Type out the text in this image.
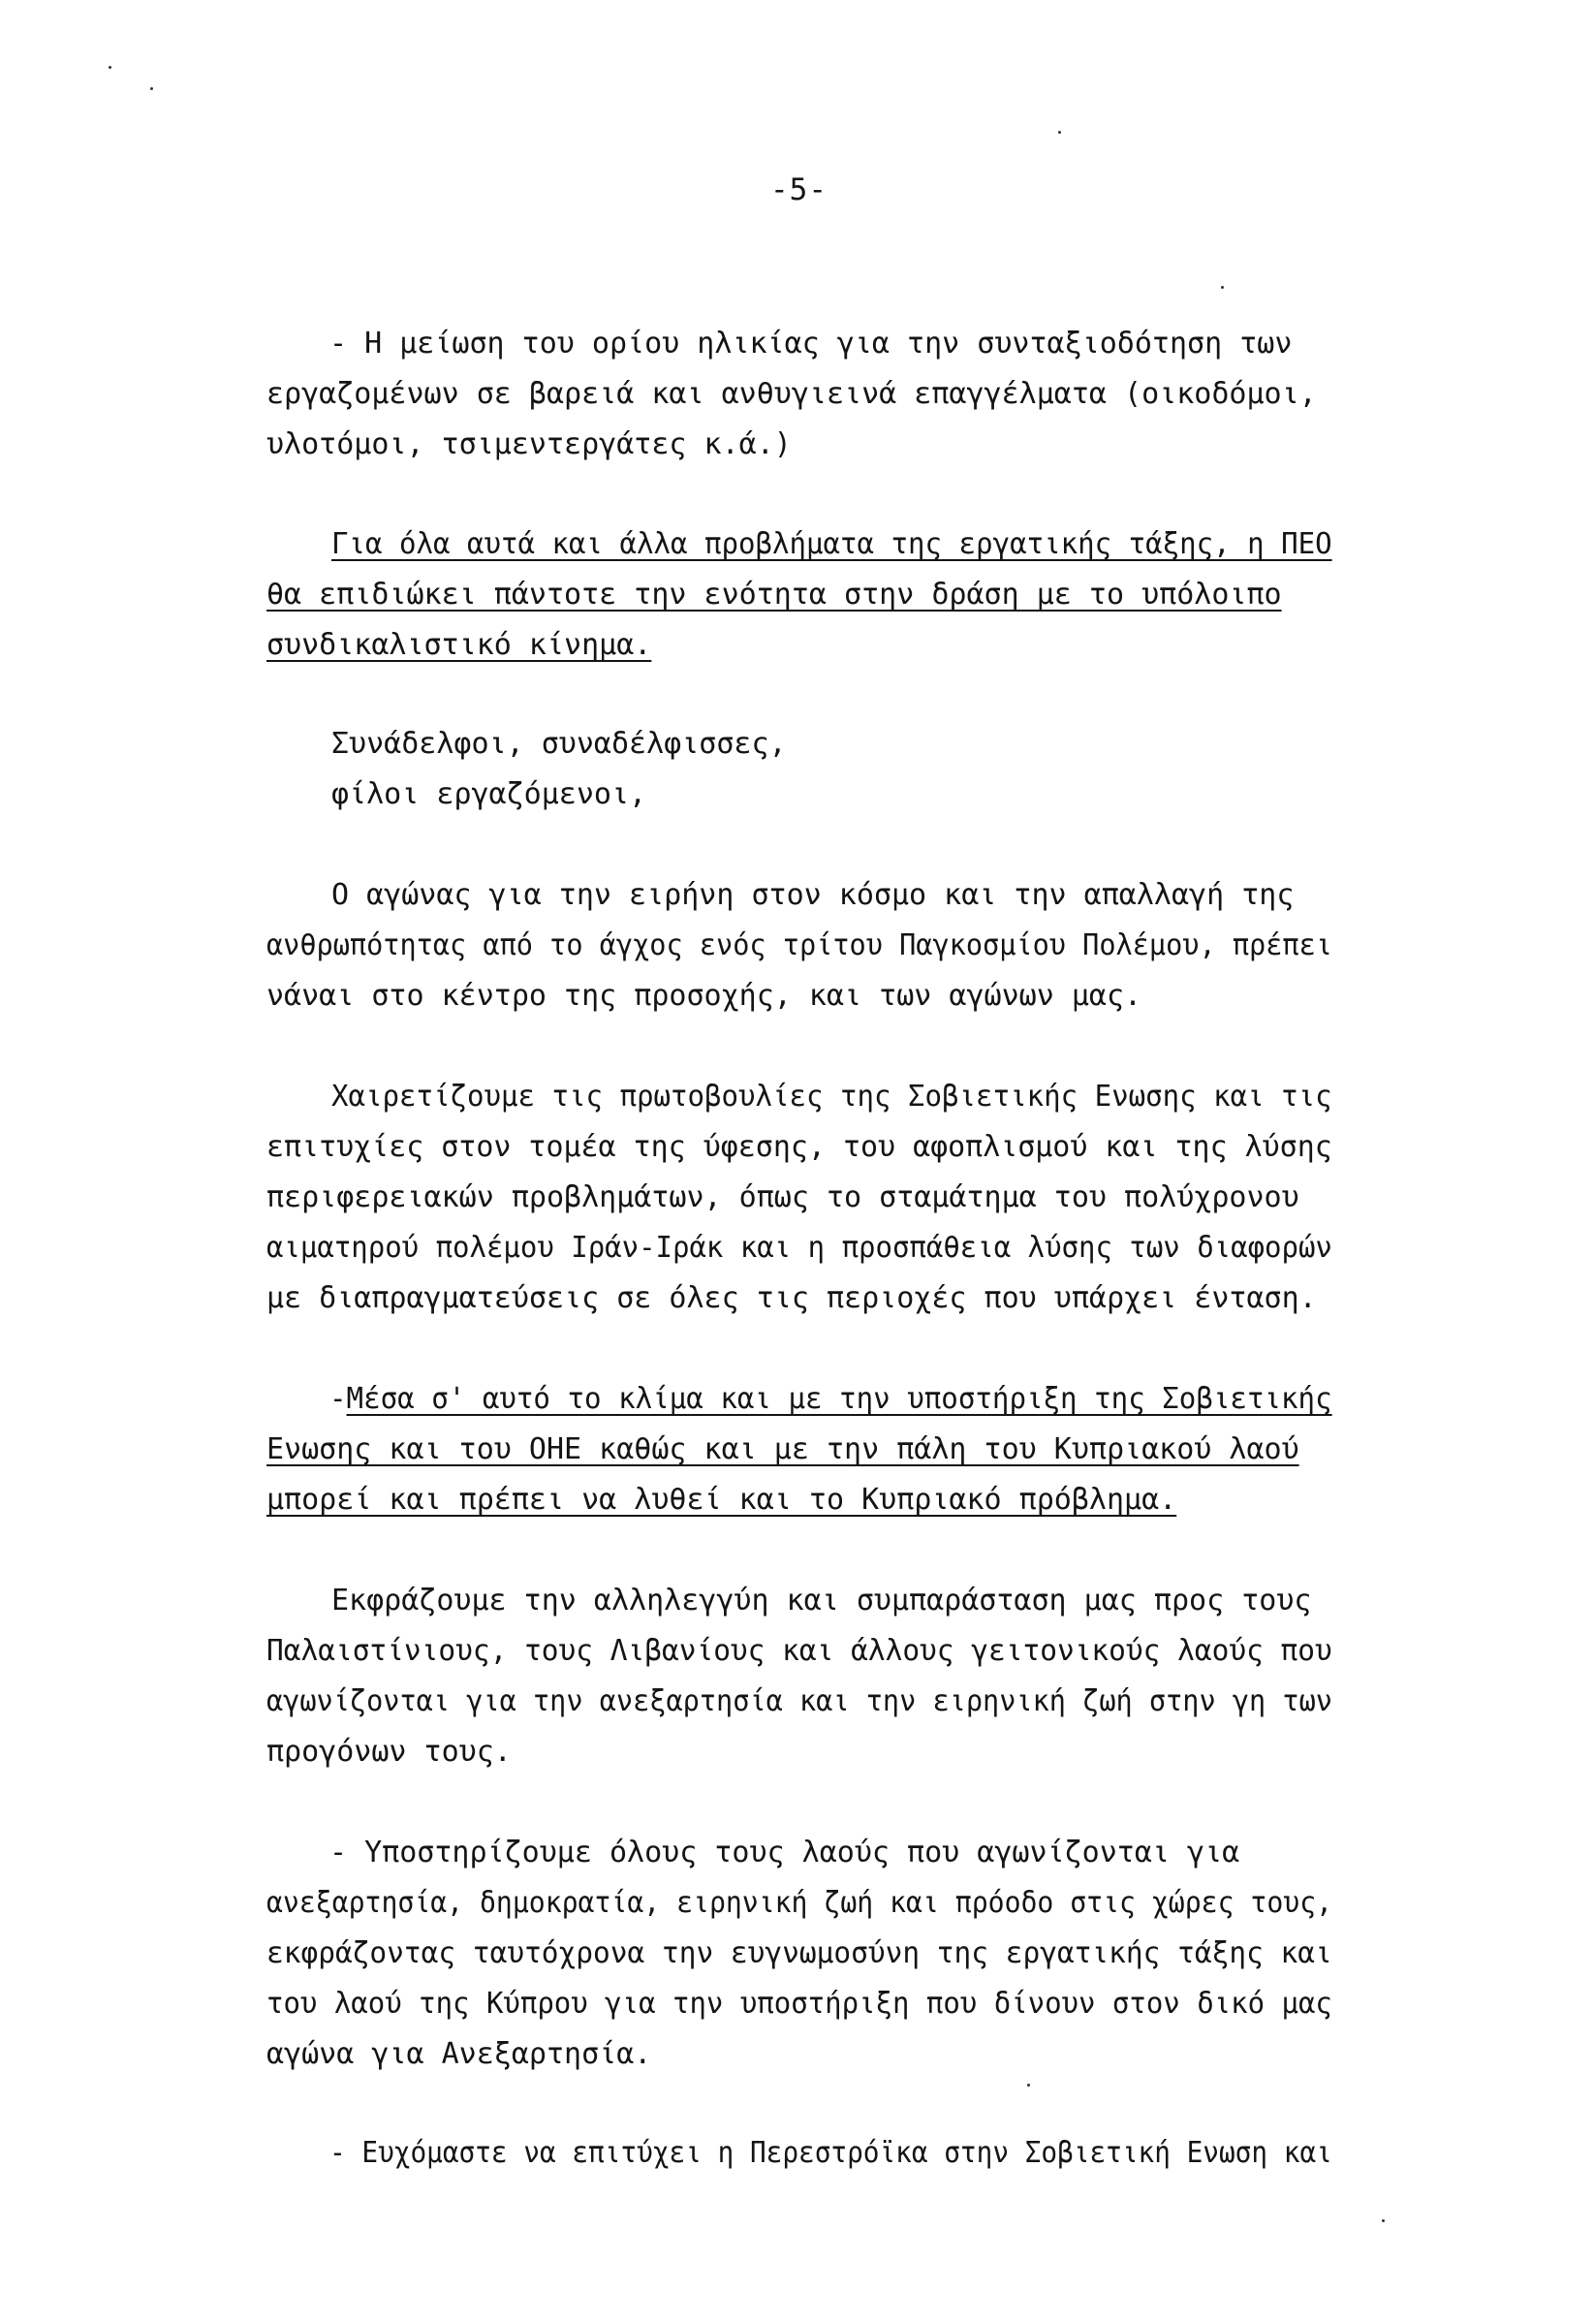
-5-
- Η μείωση του ορίου ηλικίας για την συνταξιοδότηση των
εργαζομένων σε βαρειά και ανθυγιεινά επαγγέλματα (οικοδόμοι,
υλοτόμοι, τσιμεντεργάτες κ.ά.)
Για όλα αυτά και άλλα προβλήματα της εργατικής τάξης, η ΠΕΟ
θα επιδιώκει πάντοτε την ενότητα στην δράση με το υπόλοιπο
συνδικαλιστικό κίνημα.
Συνάδελφοι, συναδέλφισσες,
φίλοι εργαζόμενοι,
Ο αγώνας για την ειρήνη στον κόσμο και την απαλλαγή της
ανθρωπότητας από το άγχος ενός τρίτου Παγκοσμίου Πολέμου, πρέπει
νάναι στο κέντρο της προσοχής, και των αγώνων μας.
Χαιρετίζουμε τις πρωτοβουλίες της Σοβιετικής Ενωσης και τις
επιτυχίες στον τομέα της ύφεσης, του αφοπλισμού και της λύσης
περιφερειακών προβλημάτων, όπως το σταμάτημα του πολύχρονου
αιματηρού πολέμου Ιράν-Ιράκ και η προσπάθεια λύσης των διαφορών
με διαπραγματεύσεις σε όλες τις περιοχές που υπάρχει ένταση.
-Μέσα σ' αυτό το κλίμα και με την υποστήριξη της Σοβιετικής
Ενωσης και του ΟΗΕ καθώς και με την πάλη του Κυπριακού λαού
μπορεί και πρέπει να λυθεί και το Κυπριακό πρόβλημα.
Εκφράζουμε την αλληλεγγύη και συμπαράσταση μας προς τους
Παλαιστίνιους, τους Λιβανίους και άλλους γειτονικούς λαούς που
αγωνίζονται για την ανεξαρτησία και την ειρηνική ζωή στην γη των
προγόνων τους.
- Υποστηρίζουμε όλους τους λαούς που αγωνίζονται για
ανεξαρτησία, δημοκρατία, ειρηνική ζωή και πρόοδο στις χώρες τους,
εκφράζοντας ταυτόχρονα την ευγνωμοσύνη της εργατικής τάξης και
του λαού της Κύπρου για την υποστήριξη που δίνουν στον δικό μας
αγώνα για Ανεξαρτησία.
- Ευχόμαστε να επιτύχει η Περεστρόϊκα στην Σοβιετική Ενωση και
